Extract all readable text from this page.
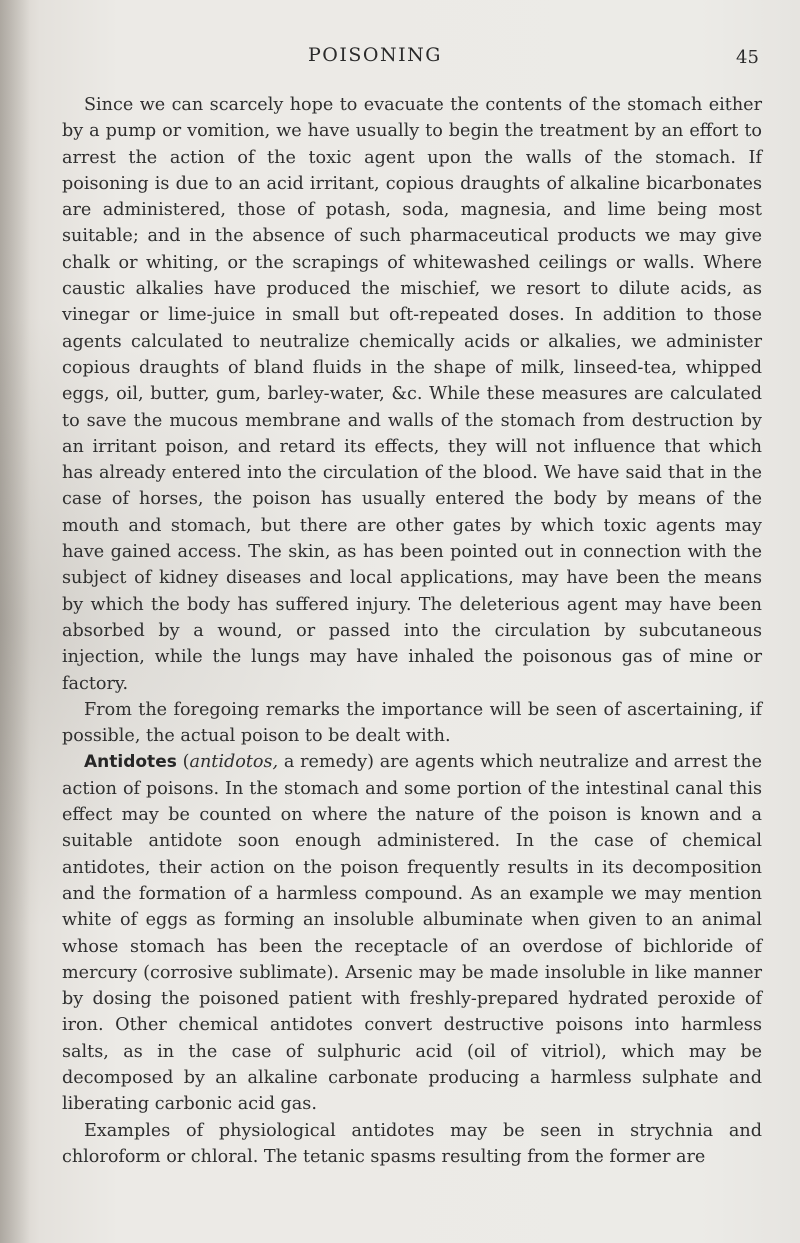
POISONING	45

Since we can scarcely hope to evacuate the contents of the stomach either by a pump or vomition, we have usually to begin the treatment by an effort to arrest the action of the toxic agent upon the walls of the stomach. If poisoning is due to an acid irritant, copious draughts of alkaline bicarbonates are administered, those of potash, soda, magnesia, and lime being most suitable; and in the absence of such pharmaceutical products we may give chalk or whiting, or the scrapings of whitewashed ceilings or walls. Where caustic alkalies have produced the mischief, we resort to dilute acids, as vinegar or lime-juice in small but oft-repeated doses. In addition to those agents calculated to neutralize chemically acids or alkalies, we administer copious draughts of bland fluids in the shape of milk, linseed-tea, whipped eggs, oil, butter, gum, barley-water, &c. While these measures are calculated to save the mucous membrane and walls of the stomach from destruction by an irritant poison, and retard its effects, they will not influence that which has already entered into the circulation of the blood. We have said that in the case of horses, the poison has usually entered the body by means of the mouth and stomach, but there are other gates by which toxic agents may have gained access. The skin, as has been pointed out in connection with the subject of kidney diseases and local applications, may have been the means by which the body has suffered injury. The deleterious agent may have been absorbed by a wound, or passed into the circulation by subcutaneous injection, while the lungs may have inhaled the poisonous gas of mine or factory.

From the foregoing remarks the importance will be seen of ascertaining, if possible, the actual poison to be dealt with.

Antidotes (antidotos, a remedy) are agents which neutralize and arrest the action of poisons. In the stomach and some portion of the intestinal canal this effect may be counted on where the nature of the poison is known and a suitable antidote soon enough administered. In the case of chemical antidotes, their action on the poison frequently results in its decomposition and the formation of a harmless compound. As an example we may mention white of eggs as forming an insoluble albuminate when given to an animal whose stomach has been the receptacle of an overdose of bichloride of mercury (corrosive sublimate). Arsenic may be made insoluble in like manner by dosing the poisoned patient with freshly-prepared hydrated peroxide of iron. Other chemical antidotes convert destructive poisons into harmless salts, as in the case of sulphuric acid (oil of vitriol), which may be decomposed by an alkaline carbonate producing a harmless sulphate and liberating carbonic acid gas.

Examples of physiological antidotes may be seen in strychnia and chloroform or chloral. The tetanic spasms resulting from the former are
